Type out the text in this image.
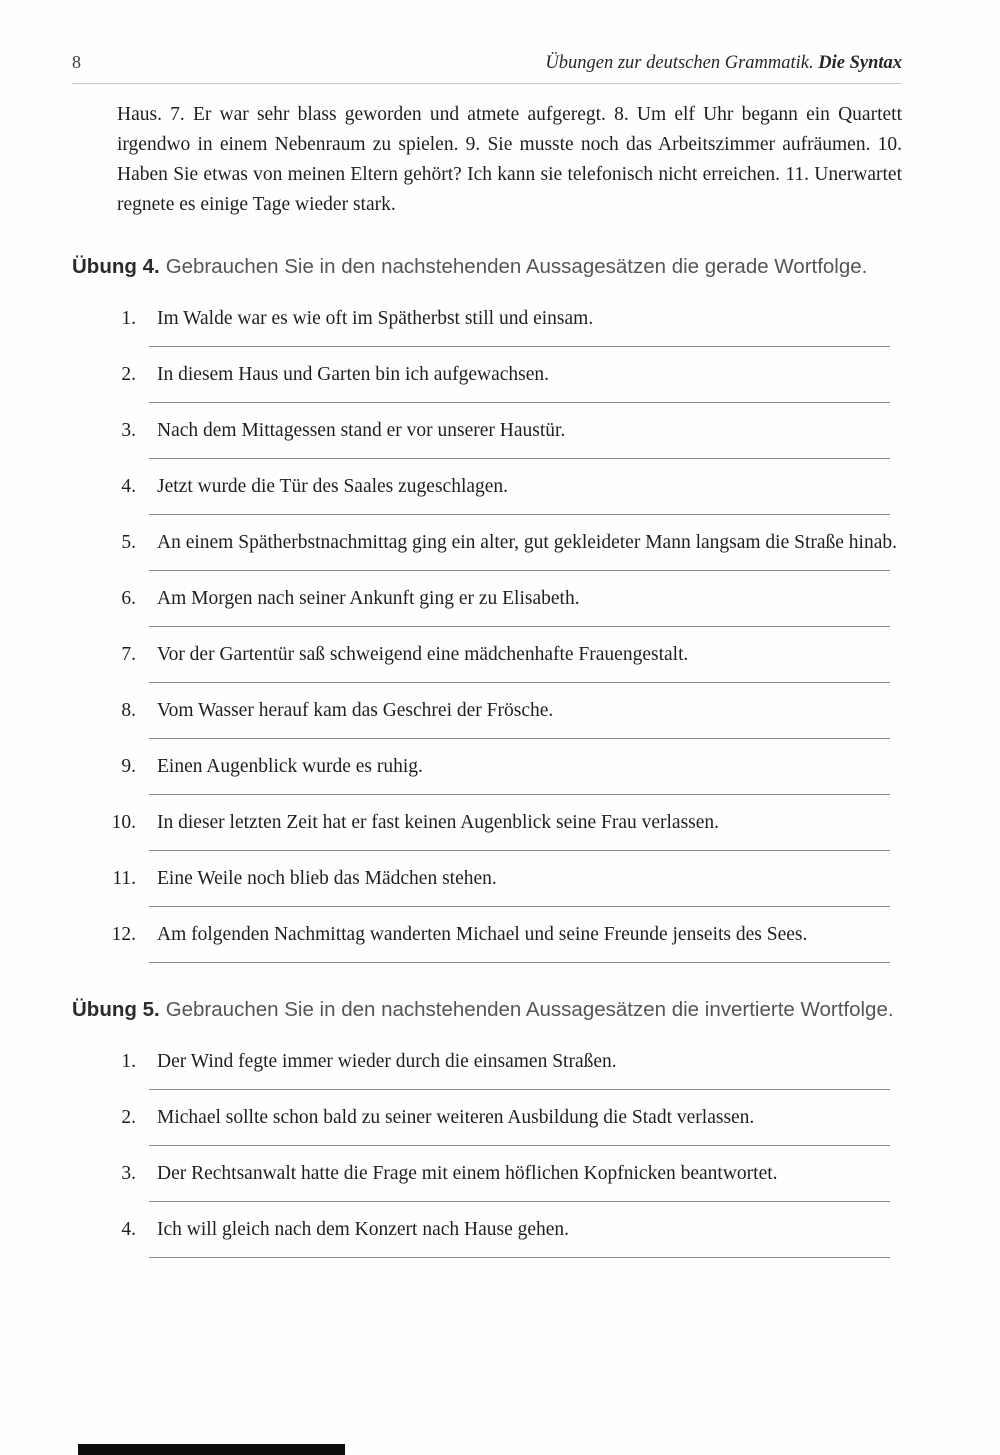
8	Übungen zur deutschen Grammatik. Die Syntax

Haus. 7. Er war sehr blass geworden und atmete aufgeregt. 8. Um elf Uhr begann ein Quartett irgendwo in einem Nebenraum zu spielen. 9. Sie musste noch das Arbeitszimmer aufräumen. 10. Haben Sie etwas von meinen Eltern gehört? Ich kann sie telefonisch nicht erreichen. 11. Unerwartet regnete es einige Tage wieder stark.

Übung 4. Gebrauchen Sie in den nachstehenden Aussagesätzen die gerade Wortfolge.

1. Im Walde war es wie oft im Spätherbst still und einsam.
2. In diesem Haus und Garten bin ich aufgewachsen.
3. Nach dem Mittagessen stand er vor unserer Haustür.
4. Jetzt wurde die Tür des Saales zugeschlagen.
5. An einem Spätherbstnachmittag ging ein alter, gut gekleideter Mann langsam die Straße hinab.
6. Am Morgen nach seiner Ankunft ging er zu Elisabeth.
7. Vor der Gartentür saß schweigend eine mädchenhafte Frauengestalt.
8. Vom Wasser herauf kam das Geschrei der Frösche.
9. Einen Augenblick wurde es ruhig.
10. In dieser letzten Zeit hat er fast keinen Augenblick seine Frau verlassen.
11. Eine Weile noch blieb das Mädchen stehen.
12. Am folgenden Nachmittag wanderten Michael und seine Freunde jenseits des Sees.

Übung 5. Gebrauchen Sie in den nachstehenden Aussagesätzen die invertierte Wortfolge.

1. Der Wind fegte immer wieder durch die einsamen Straßen.
2. Michael sollte schon bald zu seiner weiteren Ausbildung die Stadt verlassen.
3. Der Rechtsanwalt hatte die Frage mit einem höflichen Kopfnicken beantwortet.
4. Ich will gleich nach dem Konzert nach Hause gehen.
